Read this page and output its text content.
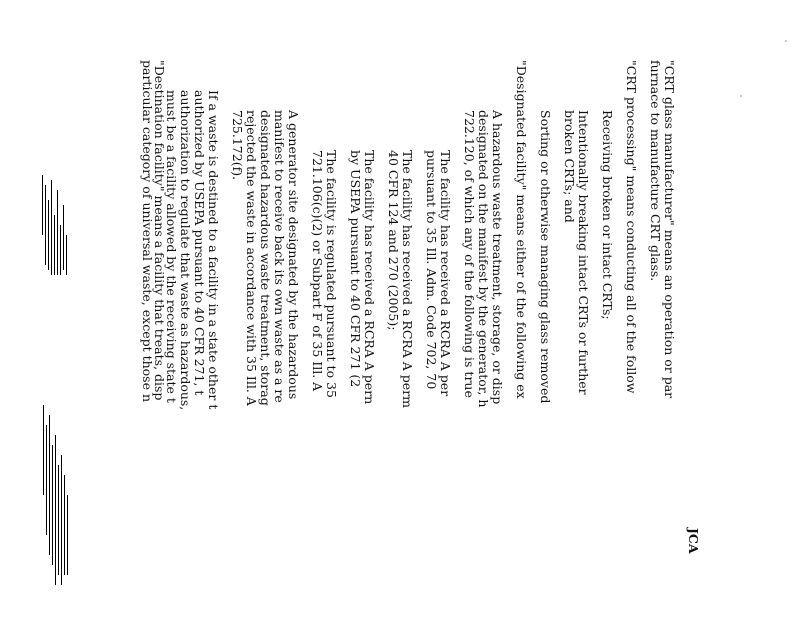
JCA
"CRT glass manufacturer" means an operation or par
furnace to manufacture CRT glass.
"CRT processing" means conducting all of the follow
Receiving broken or intact CRTs;
Intentionally breaking intact CRTs or further
broken CRTs; and
Sorting or otherwise managing glass removed
"Designated facility" means either of the following ex
A hazardous waste treatment, storage, or disp
designated on the manifest by the generator, h
722.120, of which any of the following is true
The facility has received a RCRA A per
pursuant to 35 Ill. Adm. Code 702, 70
The facility has received a RCRA A perm
40 CFR 124 and 270 (2005);
The facility has received a RCRA A pern
by USEPA pursuant to 40 CFR 271 (2
The facility is regulated pursuant to 35
721.106(c)(2) or Subpart F of 35 Ill. A
A generator site designated by the hazardous
manifest to receive back its own waste as a re
designated hazardous waste treatment, storag
rejected the waste in accordance with 35 Ill. A
725.172(f).
If a waste is destined to a facility in a state other t
authorized by USEPA pursuant to 40 CFR 271, t
authorization to regulate that waste as hazardous,
must be a facility allowed by the receiving state t
"Destination facility" means a facility that treats, disp
particular category of universal waste, except those n
